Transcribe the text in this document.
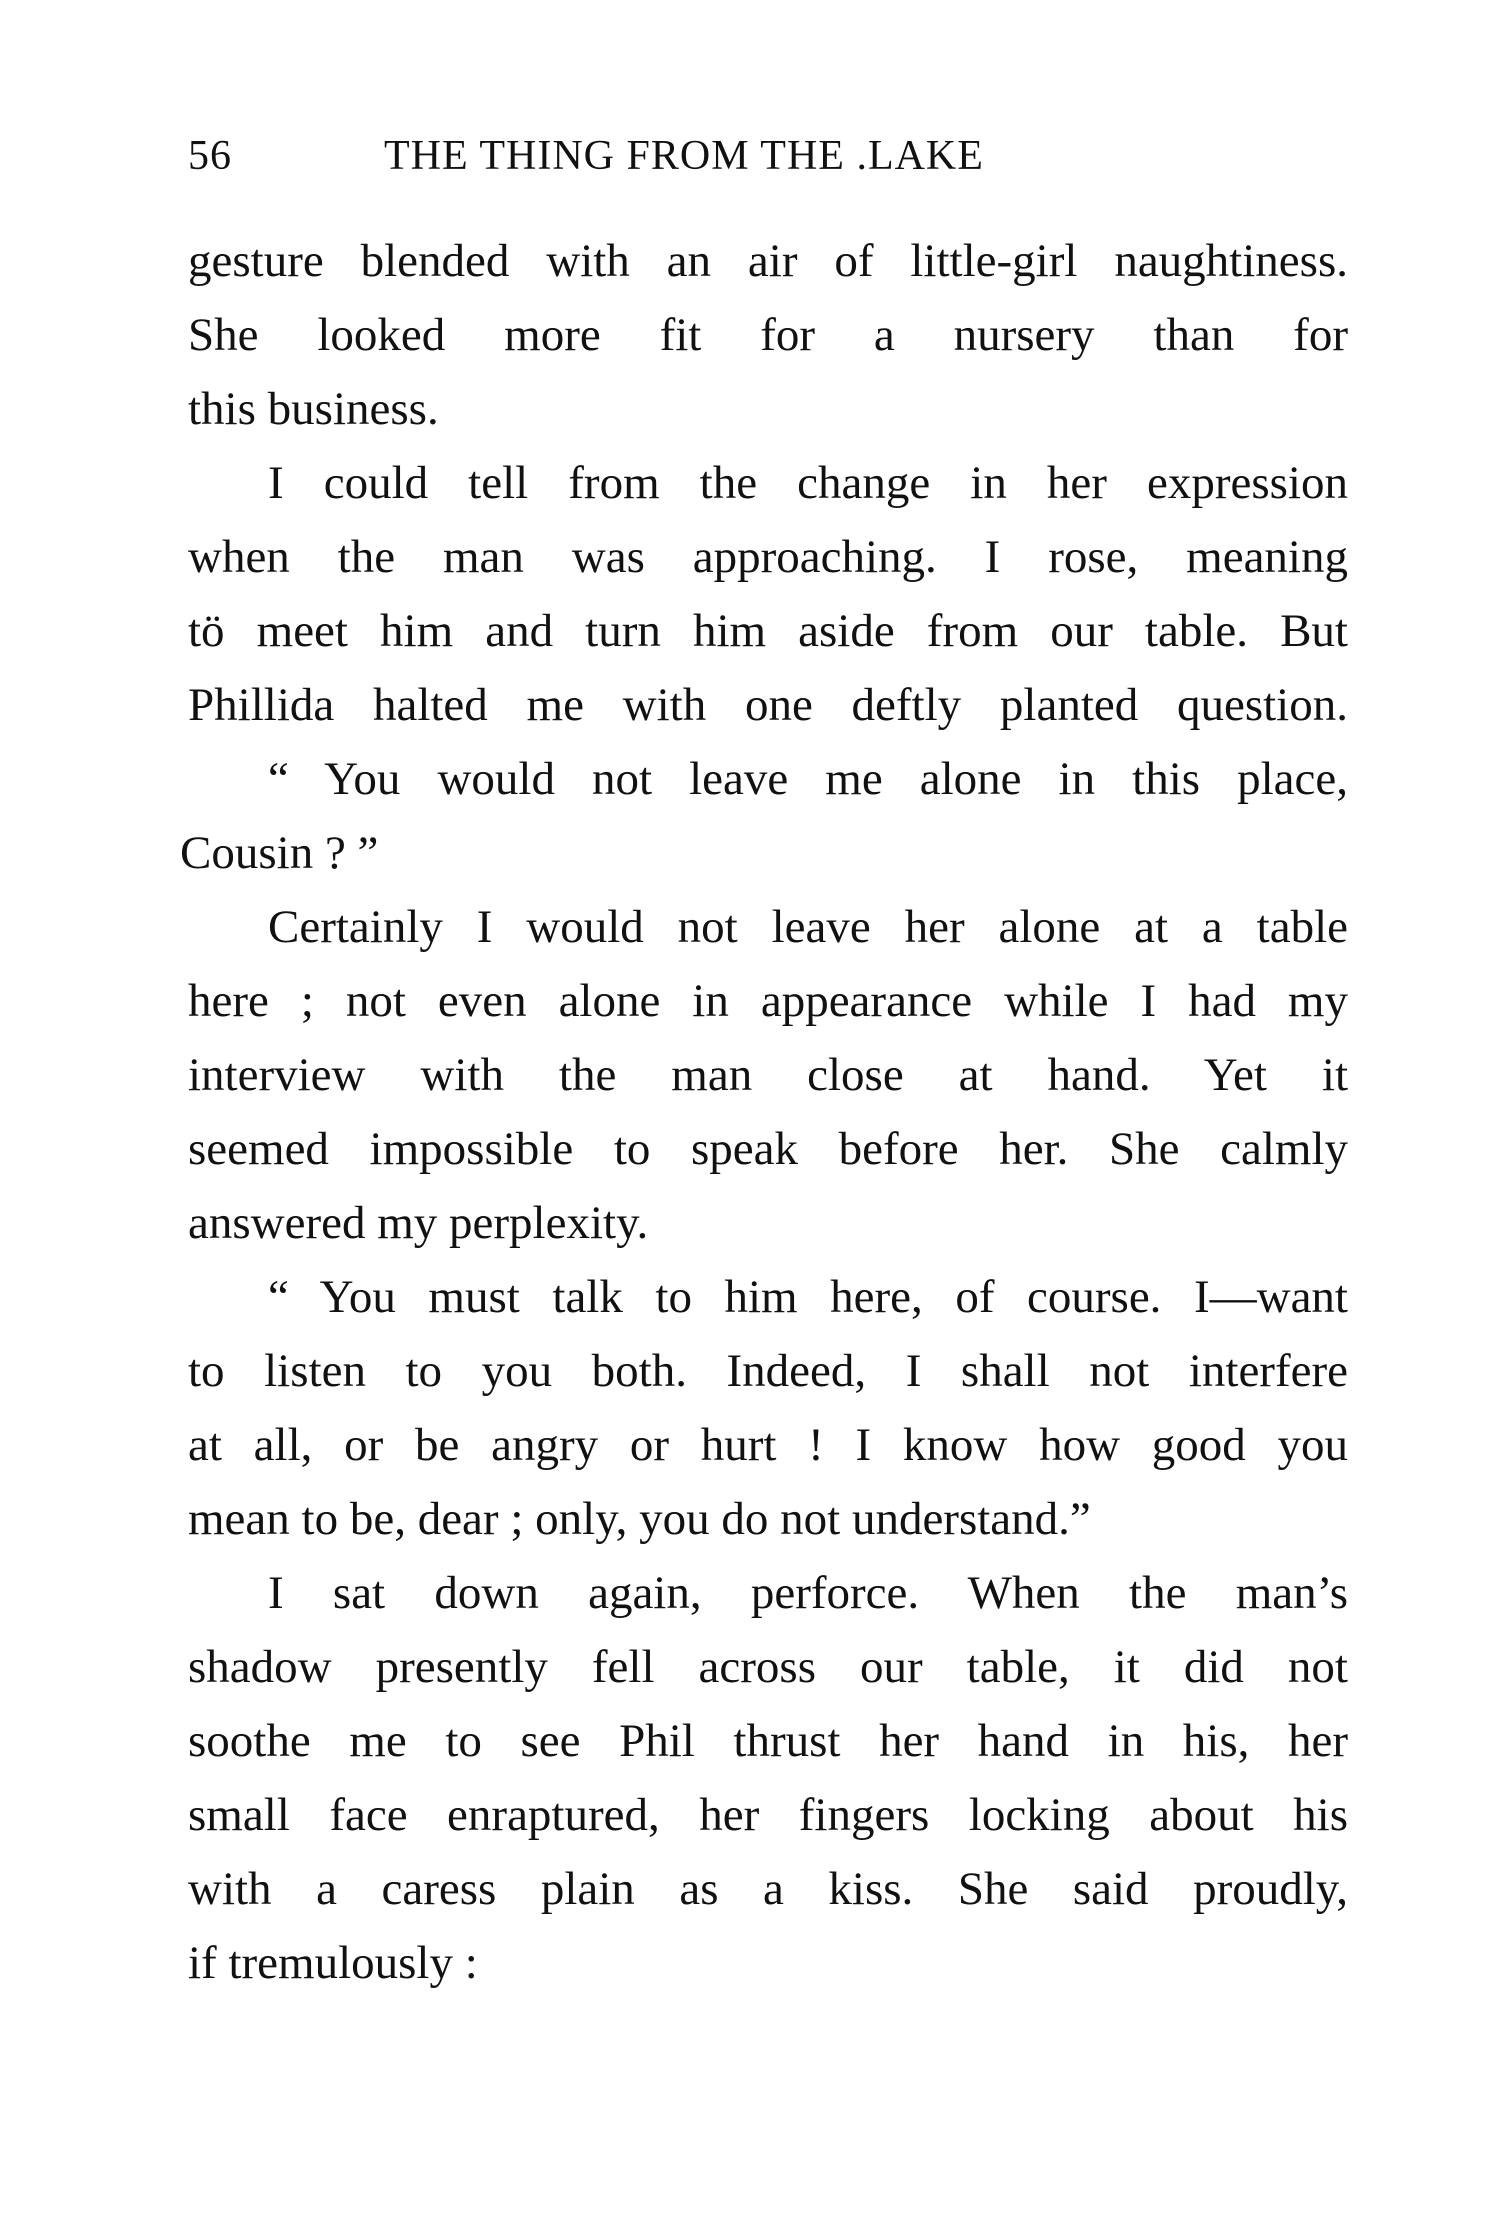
56	THE THING FROM THE .LAKE
gesture blended with an air of little-girl naughtiness.
She looked more fit for a nursery than for
this business.
I could tell from the change in her expression
when the man was approaching. I rose, meaning
tö meet him and turn him aside from our table. But
Phillida halted me with one deftly planted question.
“ You would not leave me alone in this place,
Cousin ? ”
Certainly I would not leave her alone at a table
here ; not even alone in appearance while I had my
interview with the man close at hand. Yet it
seemed impossible to speak before her. She calmly
answered my perplexity.
“ You must talk to him here, of course. I—want
to listen to you both. Indeed, I shall not interfere
at all, or be angry or hurt ! I know how good you
mean to be, dear ; only, you do not understand.”
I sat down again, perforce. When the man’s
shadow presently fell across our table, it did not
soothe me to see Phil thrust her hand in his, her
small face enraptured, her fingers locking about his
with a caress plain as a kiss. She said proudly,
if tremulously :
